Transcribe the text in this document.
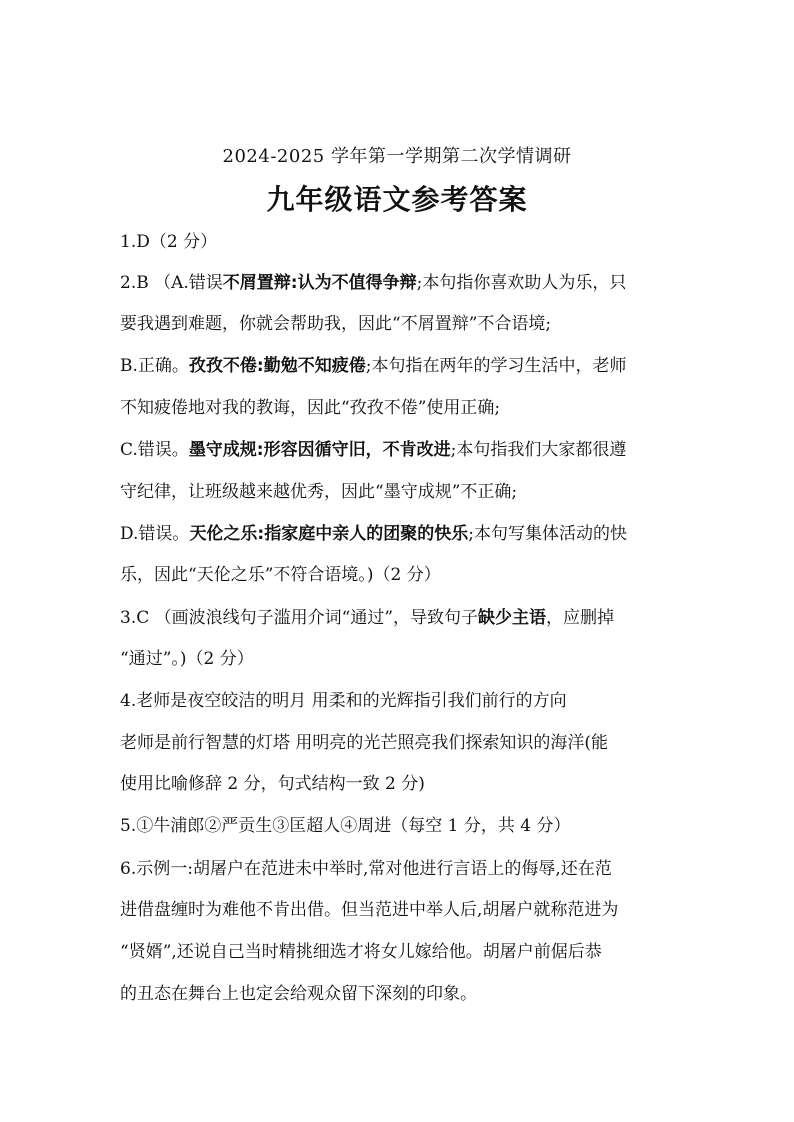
2024-2025 学年第一学期第二次学情调研
九年级语文参考答案
1.D（2 分）
2.B （A.错误不屑置辩:认为不值得争辩;本句指你喜欢助人为乐，只
要我遇到难题，你就会帮助我，因此“不屑置辩”不合语境;
B.正确。孜孜不倦:勤勉不知疲倦;本句指在两年的学习生活中，老师
不知疲倦地对我的教诲，因此“孜孜不倦”使用正确;
C.错误。墨守成规:形容因循守旧，不肯改进;本句指我们大家都很遵
守纪律，让班级越来越优秀，因此“墨守成规”不正确;
D.错误。天伦之乐:指家庭中亲人的团聚的快乐;本句写集体活动的快
乐，因此“天伦之乐”不符合语境。)（2 分）
3.C （画波浪线句子滥用介词“通过”，导致句子缺少主语，应删掉
“通过”。)（2 分）
4.老师是夜空皎洁的明月 用柔和的光辉指引我们前行的方向
老师是前行智慧的灯塔 用明亮的光芒照亮我们探索知识的海洋(能
使用比喻修辞 2 分，句式结构一致 2 分)
5.①牛浦郎②严贡生③匡超人④周进（每空 1 分，共 4 分）
6.示例一:胡屠户在范进未中举时,常对他进行言语上的侮辱,还在范
进借盘缠时为难他不肯出借。但当范进中举人后,胡屠户就称范进为
“贤婿”,还说自己当时精挑细选才将女儿嫁给他。胡屠户前倨后恭
的丑态在舞台上也定会给观众留下深刻的印象。
